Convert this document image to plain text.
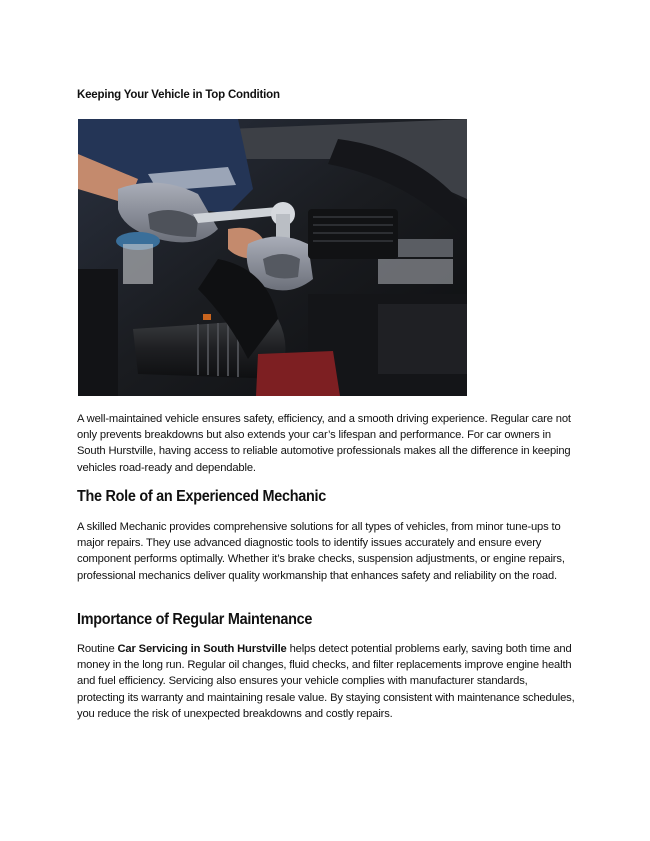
Keeping Your Vehicle in Top Condition

A well-maintained vehicle ensures safety, efficiency, and a smooth driving experience. Regular care not only prevents breakdowns but also extends your car’s lifespan and performance. For car owners in South Hurstville, having access to reliable automotive professionals makes all the difference in keeping vehicles road-ready and dependable.

The Role of an Experienced Mechanic

A skilled Mechanic provides comprehensive solutions for all types of vehicles, from minor tune-ups to major repairs. They use advanced diagnostic tools to identify issues accurately and ensure every component performs optimally. Whether it’s brake checks, suspension adjustments, or engine repairs, professional mechanics deliver quality workmanship that enhances safety and reliability on the road.

Importance of Regular Maintenance

Routine Car Servicing in South Hurstville helps detect potential problems early, saving both time and money in the long run. Regular oil changes, fluid checks, and filter replacements improve engine health and fuel efficiency. Servicing also ensures your vehicle complies with manufacturer standards, protecting its warranty and maintaining resale value. By staying consistent with maintenance schedules, you reduce the risk of unexpected breakdowns and costly repairs.
